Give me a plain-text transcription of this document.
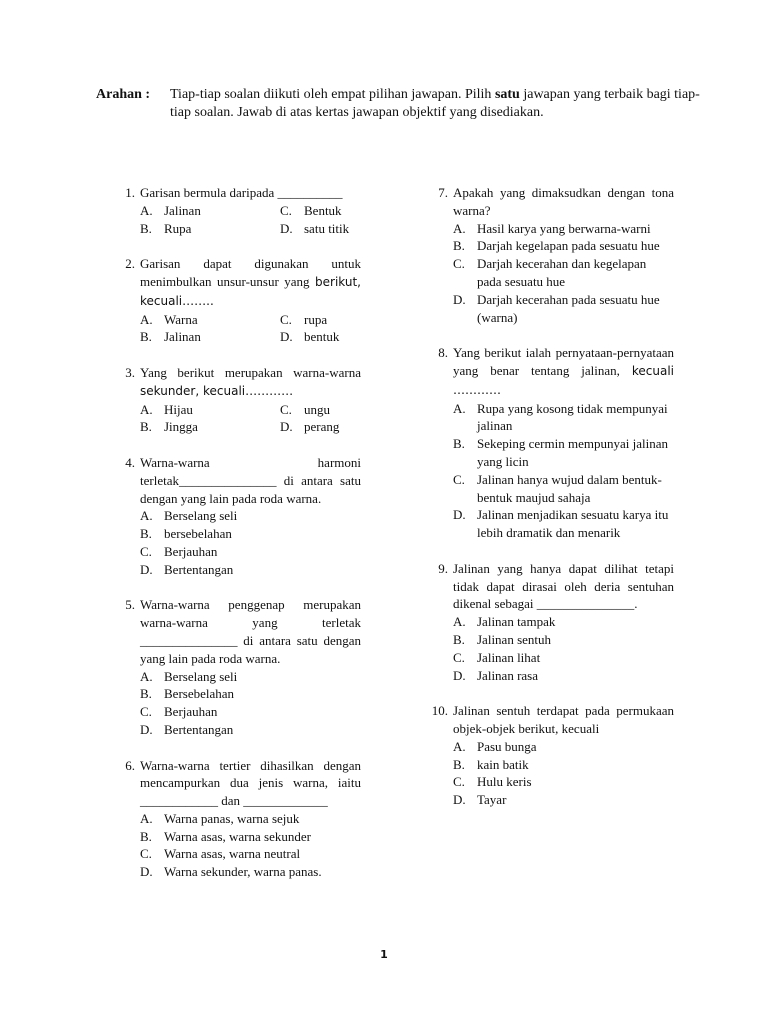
Arahan : Tiap-tiap soalan diikuti oleh empat pilihan jawapan. Pilih satu jawapan yang terbaik bagi tiap-tiap soalan. Jawab di atas kertas jawapan objektif yang disediakan.
1. Garisan bermula daripada __________
A. Jalinan	C. Bentuk
B. Rupa	D. satu titik
2. Garisan dapat digunakan untuk menimbulkan unsur-unsur yang berikut, kecuali……..
A. Warna	C. rupa
B. Jalinan	D. bentuk
3. Yang berikut merupakan warna-warna sekunder, kecuali…………
A. Hijau	C. ungu
B. Jingga	D. perang
4. Warna-warna harmoni terletak_______________ di antara satu dengan yang lain pada roda warna.
A. Berselang seli
B. bersebelahan
C. Berjauhan
D. Bertentangan
5. Warna-warna penggenap merupakan warna-warna yang terletak _______________ di antara satu dengan yang lain pada roda warna.
A. Berselang seli
B. Bersebelahan
C. Berjauhan
D. Bertentangan
6. Warna-warna tertier dihasilkan dengan mencampurkan dua jenis warna, iaitu ____________ dan _____________
A. Warna panas, warna sejuk
B. Warna asas, warna sekunder
C. Warna asas, warna neutral
D. Warna sekunder, warna panas.
7. Apakah yang dimaksudkan dengan tona warna?
A. Hasil karya yang berwarna-warni
B. Darjah kegelapan pada sesuatu hue
C. Darjah kecerahan dan kegelapan pada sesuatu hue
D. Darjah kecerahan pada sesuatu hue (warna)
8. Yang berikut ialah pernyataan-pernyataan yang benar tentang jalinan, kecuali …………
A. Rupa yang kosong tidak mempunyai jalinan
B. Sekeping cermin mempunyai jalinan yang licin
C. Jalinan hanya wujud dalam bentuk-bentuk maujud sahaja
D. Jalinan menjadikan sesuatu karya itu lebih dramatik dan menarik
9. Jalinan yang hanya dapat dilihat tetapi tidak dapat dirasai oleh deria sentuhan dikenal sebagai _______________.
A. Jalinan tampak
B. Jalinan sentuh
C. Jalinan lihat
D. Jalinan rasa
10. Jalinan sentuh terdapat pada permukaan objek-objek berikut, kecuali
A. Pasu bunga
B. kain batik
C. Hulu keris
D. Tayar
1
